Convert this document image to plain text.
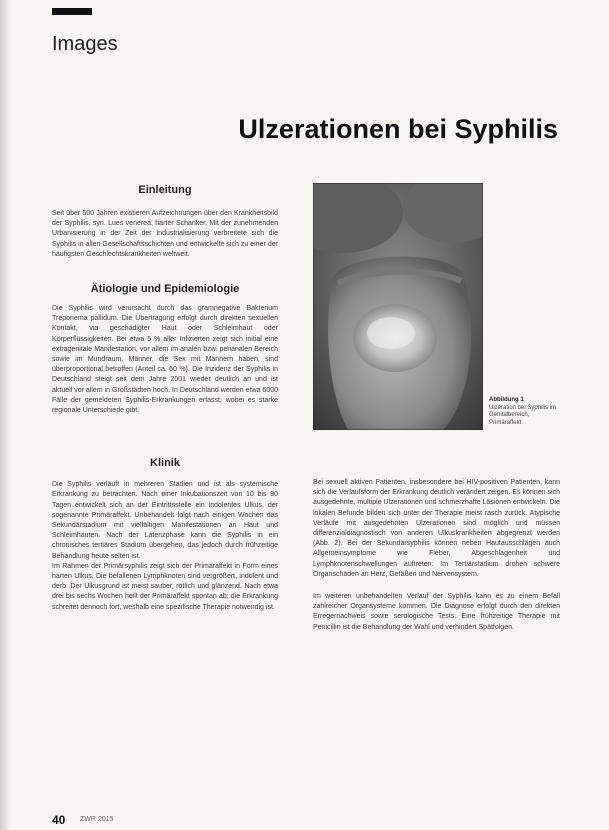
Images
Ulzerationen bei Syphilis
Einleitung

Seit über 500 Jahren existieren Aufzeichnungen über den Krankheitsbild der Syphilis, syn. Lues venerea, harter Schanker. Mit der zunehmenden Urbanisierung in der Zeit der Industrialisierung verbreitete sich die Syphilis in allen Gesellschaftsschichten und entwickelte sich zu einer der häufigsten Geschlechtskrankheiten weltweit.

Ätiologie und Epidemiologie

Die Syphilis wird verursacht durch das gramnegative Bakterium Treponema pallidum. Die Übertragung erfolgt durch direkten sexuellen Kontakt, via geschädigter Haut oder Schleimhaut oder Körperflüssigkeiten. Bei etwa 5 % aller Infizierten zeigt sich initial eine extragenitale Manifestation, vor allem im analen bzw. perianalen Bereich sowie im Mundraum. Männer, die Sex mit Männern haben, sind überproportional betroffen (Anteil ca. 60 %). Die Inzidenz der Syphilis in Deutschland steigt seit dem Jahre 2001 wieder deutlich an und ist aktuell vor allem in Großstädten hoch. In Deutschland werden etwa 6000 Fälle der gemeldeten Syphilis-Erkrankungen erfasst, wobei es starke regionale Unterschiede gibt.

Klinik

Die Syphilis verläuft in mehreren Stadien und ist als systemische Erkrankung zu betrachten. Nach einer Inkubationszeit von 10 bis 90 Tagen entwickelt sich an der Eintrittsstelle ein indolentes Ulkus, der sogenannte Primäraffekt. Unbehandelt folgt nach einigen Wochen das Sekundärstadium mit vielfältigen Manifestationen an Haut und Schleimhäuten. Nach der Latenzphase kann die Syphilis in ein chronisches tertiäres Stadium übergehen, das jedoch durch frühzeitige Behandlung heute selten ist.

Im Rahmen der Primärsyphilis zeigt sich der Primäraffekt in Form eines harten Ulkus. Die befallenen Lymphknoten sind vergrößert, indolent und derb. Der Ulkusgrund ist meist sauber, rötlich und glänzend. Nach etwa drei bis sechs Wochen heilt der Primäraffekt spontan ab; die Erkrankung schreitet dennoch fort, weshalb eine spezifische Therapie notwendig ist.

Abbildung 1
Ulzeration bei Syphilis im Genitalbereich, Primäraffekt

Bei sexuell aktiven Patienten, insbesondere bei HIV-positiven Patienten, kann sich die Verlaufsform der Erkrankung deutlich verändert zeigen. Es können sich ausgedehnte, multiple Ulzerationen und schmerzhafte Läsionen entwickeln. Die lokalen Befunde bilden sich unter der Therapie meist rasch zurück. Atypische Verläufe mit ausgedehnten Ulzerationen sind möglich und müssen differenzialdiagnostisch von anderen Ulkuskrankheiten abgegrenzt werden (Abb. 2). Bei der Sekundärsyphilis können neben Hautausschlägen auch Allgemeinsymptome wie Fieber, Abgeschlagenheit und Lymphknotenschwellungen auftreten. Im Tertiärstadium drohen schwere Organschäden an Herz, Gefäßen und Nervensystem.

Im weiteren unbehandelten Verlauf der Syphilis kann es zu einem Befall zahlreicher Organsysteme kommen. Die Diagnose erfolgt durch den direkten Erregernachweis sowie serologische Tests. Eine frühzeitige Therapie mit Penicillin ist die Behandlung der Wahl und verhindert Spätfolgen.

40 ZWR 2015
